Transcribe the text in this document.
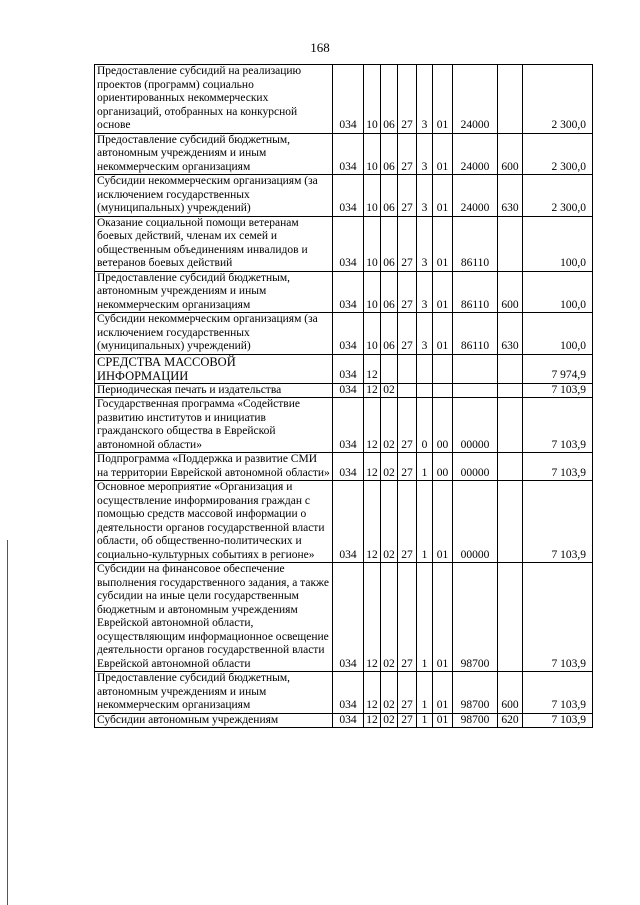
168
Предоставление субсидий на реализацию проектов (программ) социально ориентированных некоммерческих организаций, отобранных на конкурсной основе	034	10	06	27	3	01	24000		2 300,0
Предоставление субсидий бюджетным, автономным учреждениям и иным некоммерческим организациям	034	10	06	27	3	01	24000	600	2 300,0
Субсидии некоммерческим организациям (за исключением государственных (муниципальных) учреждений)	034	10	06	27	3	01	24000	630	2 300,0
Оказание социальной помощи ветеранам боевых действий, членам их семей и общественным объединениям инвалидов и ветеранов боевых действий	034	10	06	27	3	01	86110		100,0
Предоставление субсидий бюджетным, автономным учреждениям и иным некоммерческим организациям	034	10	06	27	3	01	86110	600	100,0
Субсидии некоммерческим организациям (за исключением государственных (муниципальных) учреждений)	034	10	06	27	3	01	86110	630	100,0
СРЕДСТВА МАССОВОЙ ИНФОРМАЦИИ	034	12							7 974,9
Периодическая печать и издательства	034	12	02						7 103,9
Государственная программа «Содействие развитию институтов и инициатив гражданского общества в Еврейской автономной области»	034	12	02	27	0	00	00000		7 103,9
Подпрограмма «Поддержка и развитие СМИ на территории Еврейской автономной области»	034	12	02	27	1	00	00000		7 103,9
Основное мероприятие «Организация и осуществление информирования граждан с помощью средств массовой информации о деятельности органов государственной власти области, об общественно-политических и социально-культурных событиях в регионе»	034	12	02	27	1	01	00000		7 103,9
Субсидии на финансовое обеспечение выполнения государственного задания, а также субсидии на иные цели государственным бюджетным и автономным учреждениям Еврейской автономной области, осуществляющим информационное освещение деятельности органов государственной власти Еврейской автономной области	034	12	02	27	1	01	98700		7 103,9
Предоставление субсидий бюджетным, автономным учреждениям и иным некоммерческим организациям	034	12	02	27	1	01	98700	600	7 103,9
Субсидии автономным учреждениям	034	12	02	27	1	01	98700	620	7 103,9
